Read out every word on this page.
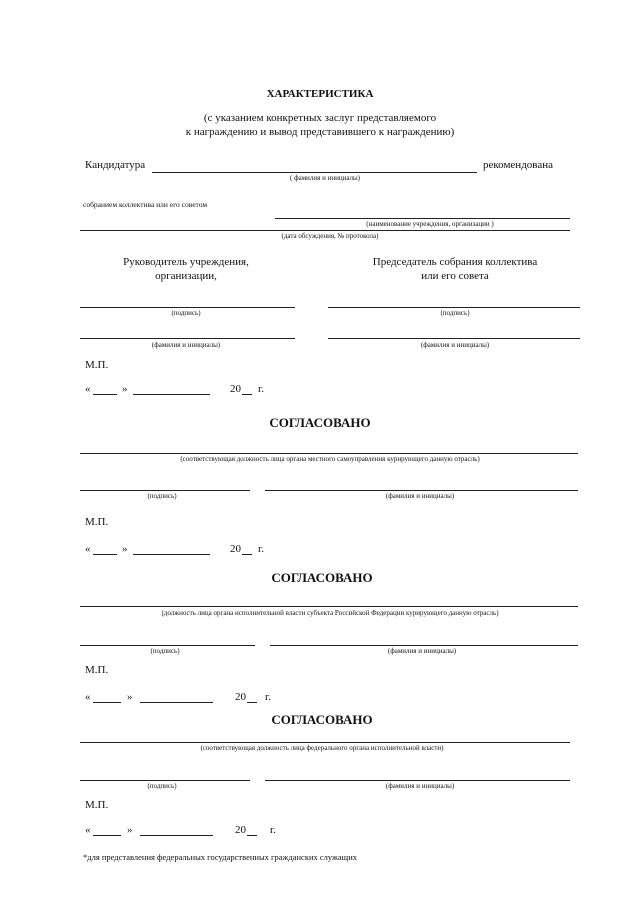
ХАРАКТЕРИСТИКА
(с указанием конкретных заслуг представляемого
к награждению и вывод представившего к награждению)
Кандидатура
( фамилия и инициалы)
рекомендована
собранием коллектива или его советом
(наименование учреждения, организации )
(дата обсуждения, № протокола)
Руководитель учреждения,
организации,
Председатель собрания коллектива
или его совета
(подпись)	(подпись)
(фамилия и инициалы)	(фамилия и инициалы)
М.П.
«	»	20 г.
СОГЛАСОВАНО
(соответствующая должность лица органа местного самоуправления курирующего данную отрасль)
(подпись)	(фамилия и инициалы)
М.П.
«	»	20 г.
СОГЛАСОВАНО
(должность лица органа исполнительной власти субъекта Российской Федерации курирующего данную отрасль)
(подпись)	(фамилия и инициалы)
М.П.
«	»	20 г.
СОГЛАСОВАНО
(соответствующая должность лица федерального органа исполнительной власти)
(подпись)	(фамилия и инициалы)
М.П.
«	»	20 г.
*для представления федеральных государственных гражданских служащих
